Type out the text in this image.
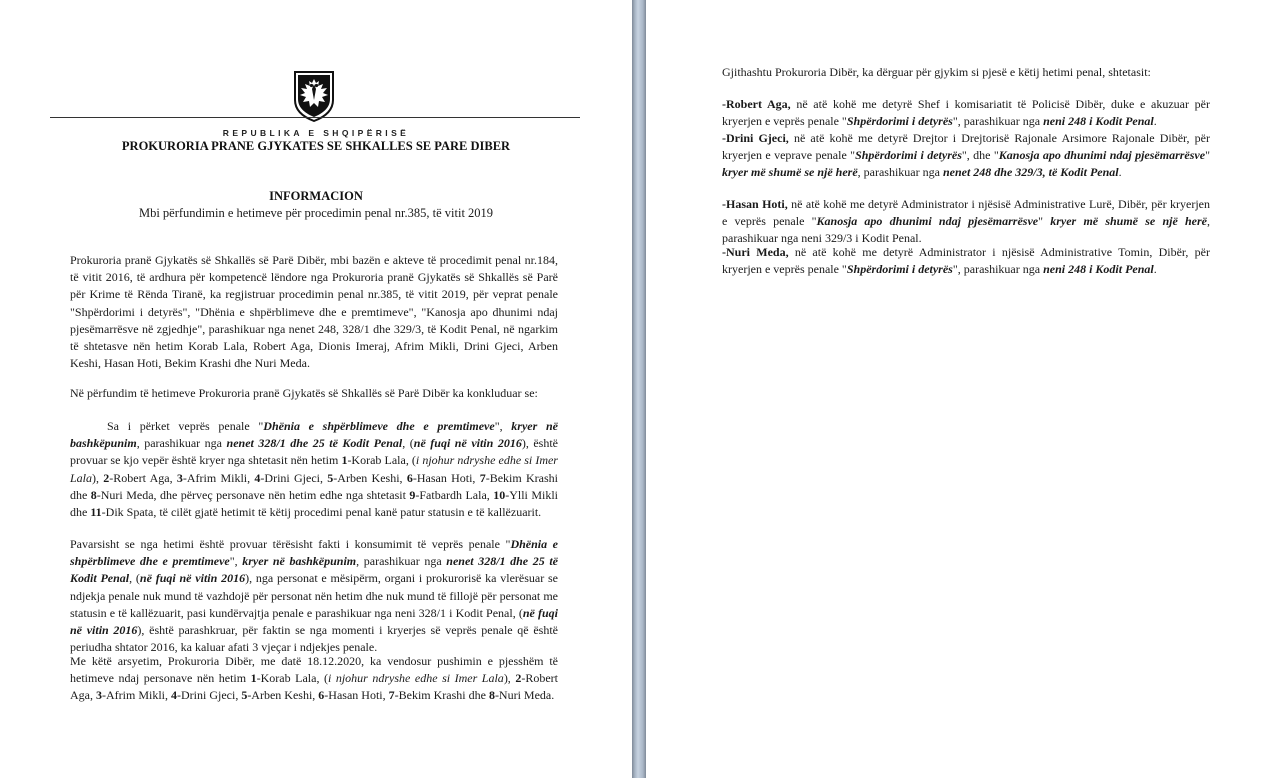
REPUBLIKA E SHQIPËRISË
PROKURORIA PRANE GJYKATES SE SHKALLES SE PARE DIBER
INFORMACION
Mbi përfundimin e hetimeve për procedimin penal nr.385, të vitit 2019

Prokuroria pranë Gjykatës së Shkallës së Parë Dibër, mbi bazën e akteve të procedimit penal nr.184, të vitit 2016, të ardhura për kompetencë lëndore nga Prokuroria pranë Gjykatës së Shkallës së Parë për Krime të Rënda Tiranë, ka regjistruar procedimin penal nr.385, të vitit 2019, për veprat penale "Shpërdorimi i detyrës", "Dhënia e shpërblimeve dhe e premtimeve", "Kanosja apo dhunimi ndaj pjesëmarrësve në zgjedhje", parashikuar nga nenet 248, 328/1 dhe 329/3, të Kodit Penal, në ngarkim të shtetasve nën hetim Korab Lala, Robert Aga, Dionis Imeraj, Afrim Mikli, Drini Gjeci, Arben Keshi, Hasan Hoti, Bekim Krashi dhe Nuri Meda.

Në përfundim të hetimeve Prokuroria pranë Gjykatës së Shkallës së Parë Dibër ka konkluduar se:

Sa i përket veprës penale "Dhënia e shpërblimeve dhe e premtimeve", kryer në bashkëpunim, parashikuar nga nenet 328/1 dhe 25 të Kodit Penal, (në fuqi në vitin 2016), është provuar se kjo vepër është kryer nga shtetasit nën hetim 1-Korab Lala, (i njohur ndryshe edhe si Imer Lala), 2-Robert Aga, 3-Afrim Mikli, 4-Drini Gjeci, 5-Arben Keshi, 6-Hasan Hoti, 7-Bekim Krashi dhe 8-Nuri Meda, dhe përveç personave nën hetim edhe nga shtetasit 9-Fatbardh Lala, 10-Ylli Mikli dhe 11-Dik Spata, të cilët gjatë hetimit të këtij procedimi penal kanë patur statusin e të kallëzuarit.

Pavarsisht se nga hetimi është provuar tërësisht fakti i konsumimit të veprës penale "Dhënia e shpërblimeve dhe e premtimeve", kryer në bashkëpunim, parashikuar nga nenet 328/1 dhe 25 të Kodit Penal, (në fuqi në vitin 2016), nga personat e mësipërm, organi i prokurorisë ka vlerësuar se ndjekja penale nuk mund të vazhdojë për personat nën hetim dhe nuk mund të fillojë për personat me statusin e të kallëzuarit, pasi kundërvajtja penale e parashikuar nga neni 328/1 i Kodit Penal, (në fuqi në vitin 2016), është parashkruar, për faktin se nga momenti i kryerjes së veprës penale që është periudha shtator 2016, ka kaluar afati 3 vjeçar i ndjekjes penale.

Me këtë arsyetim, Prokuroria Dibër, me datë 18.12.2020, ka vendosur pushimin e pjesshëm të hetimeve ndaj personave nën hetim 1-Korab Lala, (i njohur ndryshe edhe si Imer Lala), 2-Robert Aga, 3-Afrim Mikli, 4-Drini Gjeci, 5-Arben Keshi, 6-Hasan Hoti, 7-Bekim Krashi dhe 8-Nuri Meda.

Gjithashtu Prokuroria Dibër, ka dërguar për gjykim si pjesë e këtij hetimi penal, shtetasit:

-Robert Aga, në atë kohë me detyrë Shef i komisariatit të Policisë Dibër, duke e akuzuar për kryerjen e veprës penale "Shpërdorimi i detyrës", parashikuar nga neni 248 i Kodit Penal.

-Drini Gjeci, në atë kohë me detyrë Drejtor i Drejtorisë Rajonale Arsimore Rajonale Dibër, për kryerjen e veprave penale "Shpërdorimi i detyrës", dhe "Kanosja apo dhunimi ndaj pjesëmarrësve" kryer më shumë se një herë, parashikuar nga nenet 248 dhe 329/3, të Kodit Penal.

-Hasan Hoti, në atë kohë me detyrë Administrator i njësisë Administrative Lurë, Dibër, për kryerjen e veprës penale "Kanosja apo dhunimi ndaj pjesëmarrësve" kryer më shumë se një herë, parashikuar nga neni 329/3 i Kodit Penal.

-Nuri Meda, në atë kohë me detyrë Administrator i njësisë Administrative Tomin, Dibër, për kryerjen e veprës penale "Shpërdorimi i detyrës", parashikuar nga neni 248 i Kodit Penal.
